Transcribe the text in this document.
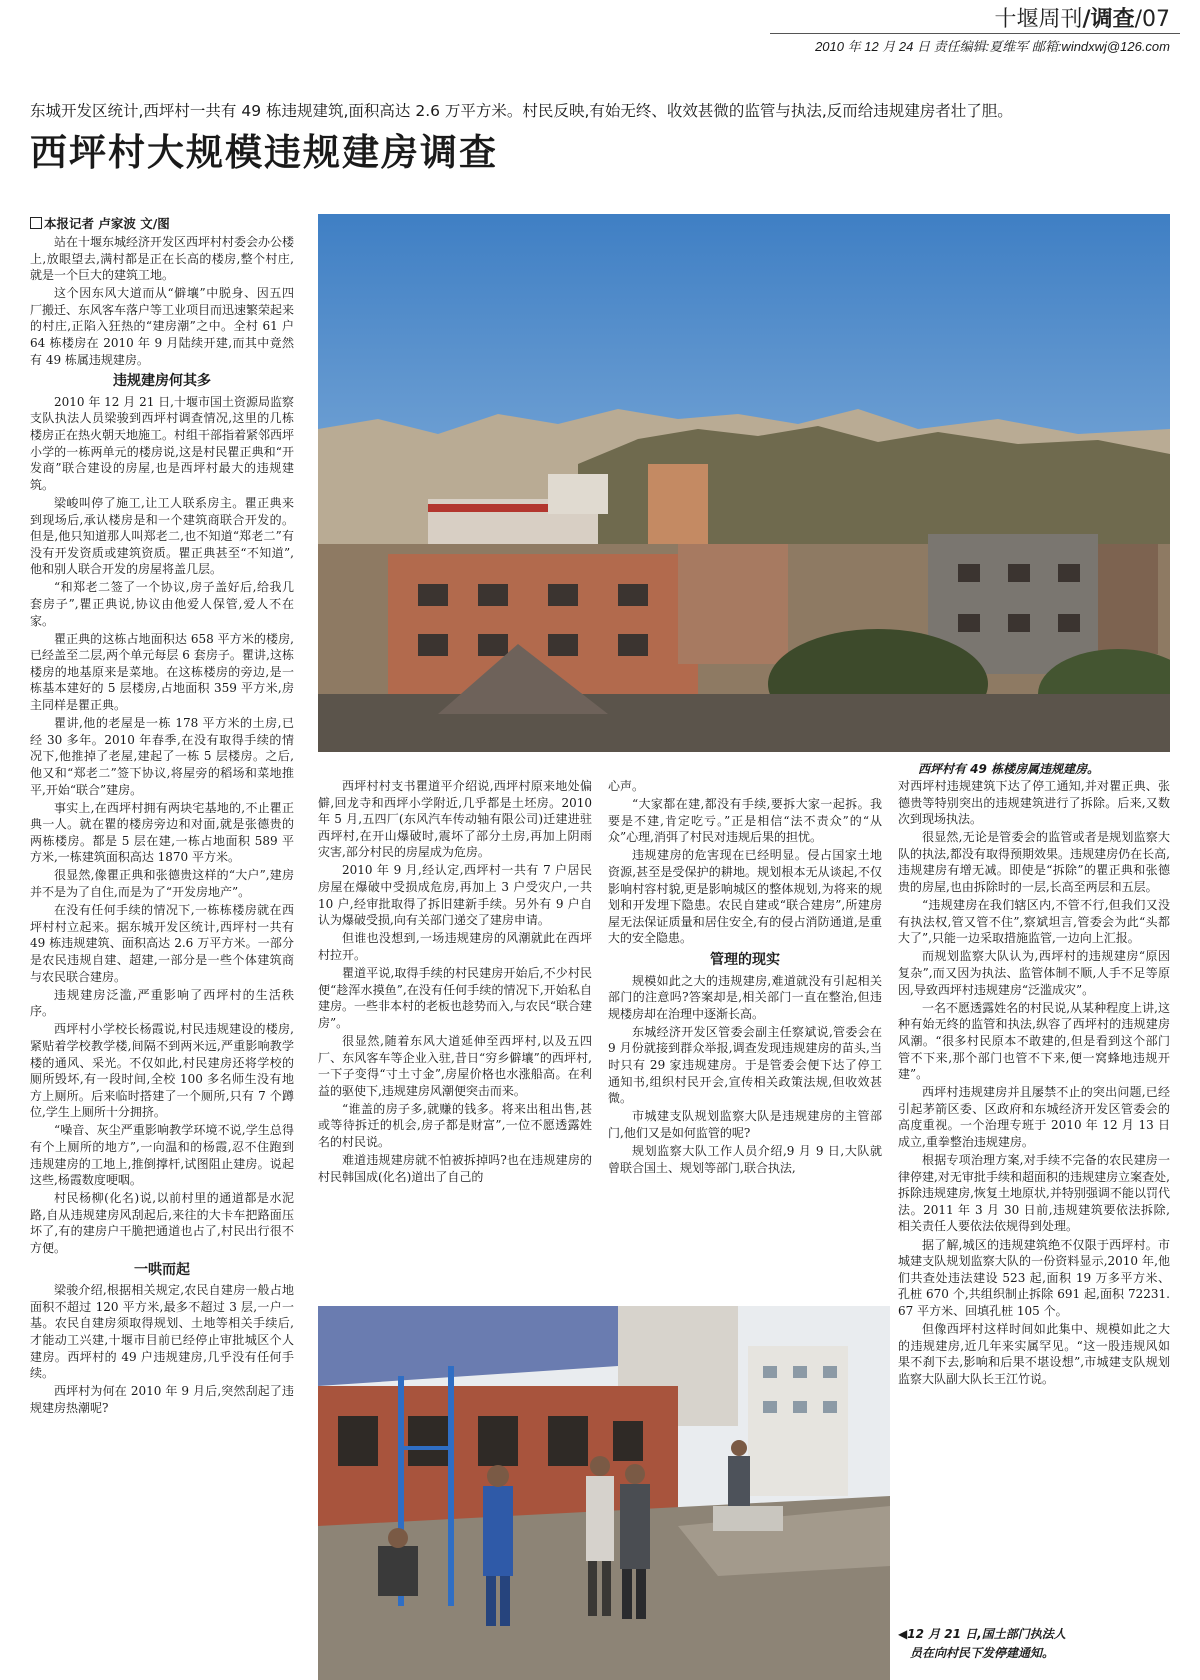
十堰周刊/调查/07
2010 年 12 月 24 日 责任编辑:夏维军 邮箱:windxwj@126.com
东城开发区统计,西坪村一共有 49 栋违规建筑,面积高达 2.6 万平方米。村民反映,有始无终、收效甚微的监管与执法,反而给违规建房者壮了胆。
西坪村大规模违规建房调查
本报记者 卢家波 文/图

站在十堰东城经济开发区西坪村村委会办公楼上,放眼望去,满村都是正在长高的楼房,整个村庄,就是一个巨大的建筑工地。

这个因东风大道而从“僻壤”中脱身、因五四厂搬迁、东风客车落户等工业项目而迅速繁荣起来的村庄,正陷入狂热的“建房潮”之中。全村 61 户 64 栋楼房在 2010 年 9 月陆续开建,而其中竟然有 49 栋属违规建房。

违规建房何其多

2010 年 12 月 21 日,十堰市国土资源局监察支队执法人员梁骏到西坪村调查情况,这里的几栋楼房正在热火朝天地施工。村组干部指着紧邻西坪小学的一栋两单元的楼房说,这是村民瞿正典和“开发商”联合建设的房屋,也是西坪村最大的违规建筑。

梁峻叫停了施工,让工人联系房主。瞿正典来到现场后,承认楼房是和一个建筑商联合开发的。但是,他只知道那人叫郑老二,也不知道“郑老二”有没有开发资质或建筑资质。瞿正典甚至“不知道”,他和别人联合开发的房屋将盖几层。

“和郑老二签了一个协议,房子盖好后,给我几套房子”,瞿正典说,协议由他爱人保管,爱人不在家。

瞿正典的这栋占地面积达 658 平方米的楼房,已经盖至二层,两个单元每层 6 套房子。瞿讲,这栋楼房的地基原来是菜地。在这栋楼房的旁边,是一栋基本建好的 5 层楼房,占地面积 359 平方米,房主同样是瞿正典。

瞿讲,他的老屋是一栋 178 平方米的土房,已经 30 多年。2010 年春季,在没有取得手续的情况下,他推掉了老屋,建起了一栋 5 层楼房。之后,他又和“郑老二”签下协议,将屋旁的稻场和菜地推平,开始“联合”建房。

事实上,在西坪村拥有两块宅基地的,不止瞿正典一人。就在瞿的楼房旁边和对面,就是张德贵的两栋楼房。都是 5 层在建,一栋占地面积 589 平方米,一栋建筑面积高达 1870 平方米。

很显然,像瞿正典和张德贵这样的“大户”,建房并不是为了自住,而是为了“开发房地产”。

在没有任何手续的情况下,一栋栋楼房就在西坪村村立起来。据东城开发区统计,西坪村一共有 49 栋违规建筑、面积高达 2.6 万平方米。一部分是农民违规自建、超建,一部分是一些个体建筑商与农民联合建房。

违规建房泛滥,严重影响了西坪村的生活秩序。

西坪村小学校长杨霞说,村民违规建设的楼房,紧贴着学校教学楼,间隔不到两米远,严重影响教学楼的通风、采光。不仅如此,村民建房还将学校的厕所毁坏,有一段时间,全校 100 多名师生没有地方上厕所。后来临时搭建了一个厕所,只有 7 个蹲位,学生上厕所十分拥挤。

“噪音、灰尘严重影响教学环境不说,学生总得有个上厕所的地方”,一向温和的杨霞,忍不住跑到违规建房的工地上,推倒撑杆,试图阻止建房。说起这些,杨霞数度哽咽。

村民杨柳(化名)说,以前村里的通道都是水泥路,自从违规建房风刮起后,来往的大卡车把路面压坏了,有的建房户干脆把通道也占了,村民出行很不方便。

一哄而起

梁骏介绍,根据相关规定,农民自建房一般占地面积不超过 120 平方米,最多不超过 3 层,一户一基。农民自建房须取得规划、土地等相关手续后,才能动工兴建,十堰市目前已经停止审批城区个人建房。西坪村的 49 户违规建房,几乎没有任何手续。

西坪村为何在 2010 年 9 月后,突然刮起了违规建房热潮呢?

西坪村有 49 栋楼房属违规建房。

西坪村村支书瞿道平介绍说,西坪村原来地处偏僻,回龙寺和西坪小学附近,几乎都是土坯房。2010 年 5 月,五四厂(东风汽车传动轴有限公司)迁建进驻西坪村,在开山爆破时,震坏了部分土房,再加上阴雨灾害,部分村民的房屋成为危房。

2010 年 9 月,经认定,西坪村一共有 7 户居民房屋在爆破中受损成危房,再加上 3 户受灾户,一共 10 户,经审批取得了拆旧建新手续。另外有 9 户自认为爆破受损,向有关部门递交了建房申请。

但谁也没想到,一场违规建房的风潮就此在西坪村拉开。

瞿道平说,取得手续的村民建房开始后,不少村民便“趁浑水摸鱼”,在没有任何手续的情况下,开始私自建房。一些非本村的老板也趁势而入,与农民“联合建房”。

很显然,随着东风大道延伸至西坪村,以及五四厂、东风客车等企业入驻,昔日“穷乡僻壤”的西坪村,一下子变得“寸土寸金”,房屋价格也水涨船高。在利益的驱使下,违规建房风潮便突击而来。

“谁盖的房子多,就赚的钱多。将来出租出售,甚或等待拆迁的机会,房子都是财富”,一位不愿透露姓名的村民说。

难道违规建房就不怕被拆掉吗?也在违规建房的村民韩国成(化名)道出了自己的

心声。

“大家都在建,都没有手续,要拆大家一起拆。我要是不建,肯定吃亏。”正是相信“法不责众”的“从众”心理,消弭了村民对违规后果的担忧。

违规建房的危害现在已经明显。侵占国家土地资源,甚至是受保护的耕地。规划根本无从谈起,不仅影响村容村貌,更是影响城区的整体规划,为将来的规划和开发埋下隐患。农民自建或“联合建房”,所建房屋无法保证质量和居住安全,有的侵占消防通道,是重大的安全隐患。

管理的现实

规模如此之大的违规建房,难道就没有引起相关部门的注意吗?答案却是,相关部门一直在整治,但违规楼房却在治理中逐渐长高。

东城经济开发区管委会副主任察斌说,管委会在 9 月份就接到群众举报,调查发现违规建房的苗头,当时只有 29 家违规建房。于是管委会便下达了停工通知书,组织村民开会,宣传相关政策法规,但收效甚微。

市城建支队规划监察大队是违规建房的主管部门,他们又是如何监管的呢?

规划监察大队工作人员介绍,9 月 9 日,大队就曾联合国土、规划等部门,联合执法,

对西坪村违规建筑下达了停工通知,并对瞿正典、张德贵等特别突出的违规建筑进行了拆除。后来,又数次到现场执法。

很显然,无论是管委会的监管或者是规划监察大队的执法,都没有取得预期效果。违规建房仍在长高,违规建房有增无减。即使是“拆除”的瞿正典和张德贵的房屋,也由拆除时的一层,长高至两层和五层。

“违规建房在我们辖区内,不管不行,但我们又没有执法权,管又管不住”,察斌坦言,管委会为此“头都大了”,只能一边采取措施监管,一边向上汇报。

而规划监察大队认为,西坪村的违规建房“原因复杂”,而又因为执法、监管体制不顺,人手不足等原因,导致西坪村违规建房“泛滥成灾”。

一名不愿透露姓名的村民说,从某种程度上讲,这种有始无终的监管和执法,纵容了西坪村的违规建房风潮。“很多村民原本不敢建的,但是看到这个部门管不下来,那个部门也管不下来,便一窝蜂地违规开建”。

西坪村违规建房并且屡禁不止的突出问题,已经引起茅箭区委、区政府和东城经济开发区管委会的高度重视。一个治理专班于 2010 年 12 月 13 日成立,重拳整治违规建房。

根据专项治理方案,对手续不完备的农民建房一律停建,对无审批手续和超面积的违规建房立案查处,拆除违规建房,恢复土地原状,并特别强调不能以罚代法。2011 年 3 月 30 日前,违规建筑要依法拆除,相关责任人要依法依规得到处理。

据了解,城区的违规建筑绝不仅限于西坪村。市城建支队规划监察大队的一份资料显示,2010 年,他们共查处违法建设 523 起,面积 19 万多平方米、孔桩 670 个,共组织制止拆除 691 起,面积 72231.67 平方米、回填孔桩 105 个。

但像西坪村这样时间如此集中、规模如此之大的违规建房,近几年来实属罕见。“这一股违规风如果不刹下去,影响和后果不堪设想”,市城建支队规划监察大队副大队长王江竹说。

◀12 月 21 日,国土部门执法人
员在向村民下发停建通知。
